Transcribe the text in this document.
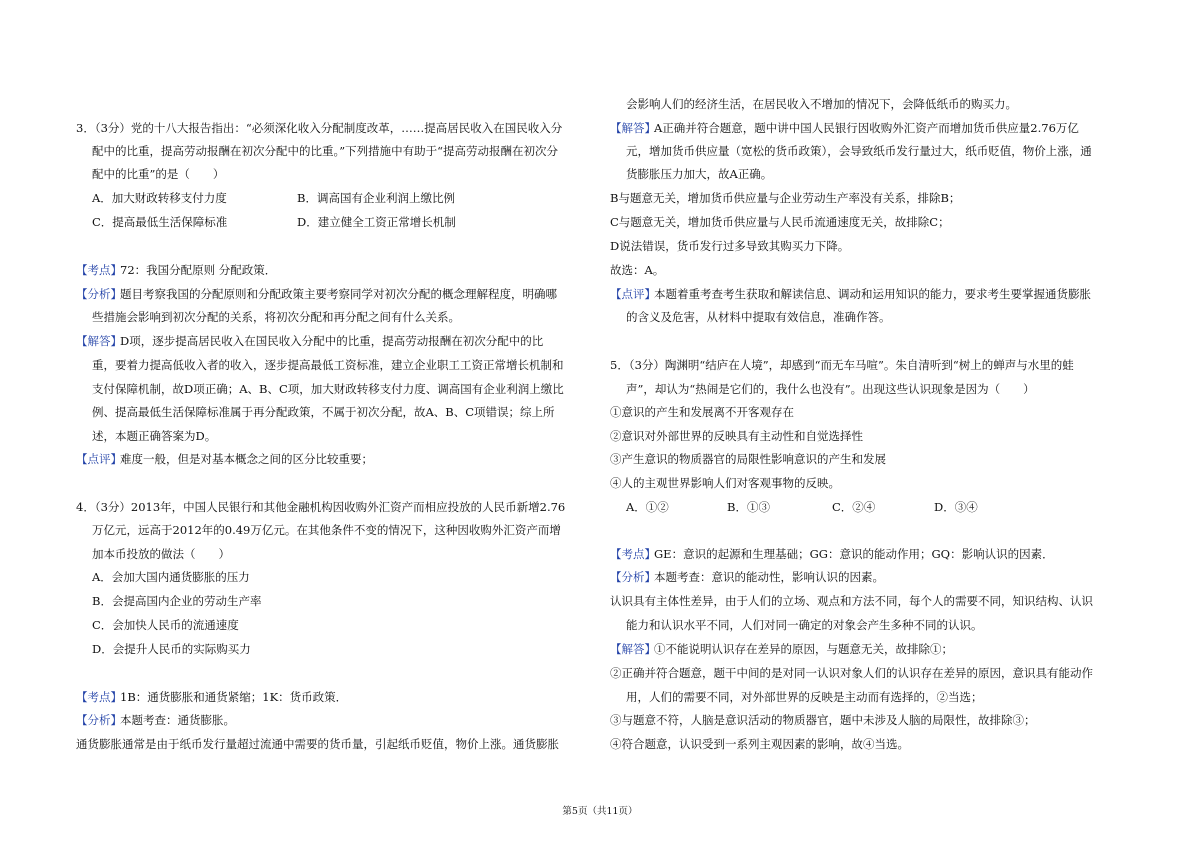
3．（3分）党的十八大报告指出：“必须深化收入分配制度改革，……提高居民收入在国民收入分
配中的比重，提高劳动报酬在初次分配中的比重。”下列措施中有助于“提高劳动报酬在初次分
配中的比重”的是（　　）
A．加大财政转移支付力度	B．调高国有企业利润上缴比例
C．提高最低生活保障标准	D．建立健全工资正常增长机制
【考点】
72：我国分配原则 分配政策．
【分析】
题目考察我国的分配原则和分配政策主要考察同学对初次分配的概念理解程度，明确哪
些措施会影响到初次分配的关系，将初次分配和再分配之间有什么关系。
【解答】
D项，逐步提高居民收入在国民收入分配中的比重，提高劳动报酬在初次分配中的比
重，要着力提高低收入者的收入，逐步提高最低工资标准，建立企业职工工资正常增长机制和
支付保障机制，故D项正确；A、B、C项，加大财政转移支付力度、调高国有企业利润上缴比
例、提高最低生活保障标准属于再分配政策，不属于初次分配，故A、B、C项错误；综上所
述，本题正确答案为D。
【点评】
难度一般，但是对基本概念之间的区分比较重要；
4．（3分）2013年，中国人民银行和其他金融机构因收购外汇资产而相应投放的人民币新增2.76
万亿元，远高于2012年的0.49万亿元。在其他条件不变的情况下，这种因收购外汇资产而增
加本币投放的做法（　　）
A．会加大国内通货膨胀的压力
B．会提高国内企业的劳动生产率
C．会加快人民币的流通速度
D．会提升人民币的实际购买力
【考点】
1B：通货膨胀和通货紧缩；1K：货币政策．
【分析】
本题考查：通货膨胀。
通货膨胀通常是由于纸币发行量超过流通中需要的货币量，引起纸币贬值，物价上涨。通货膨胀
会影响人们的经济生活，在居民收入不增加的情况下，会降低纸币的购买力。
【解答】
A正确并符合题意，题中讲中国人民银行因收购外汇资产而增加货币供应量2.76万亿
元，增加货币供应量（宽松的货币政策），会导致纸币发行量过大，纸币贬值，物价上涨，通
货膨胀压力加大，故A正确。
B与题意无关，增加货币供应量与企业劳动生产率没有关系，排除B；
C与题意无关，增加货币供应量与人民币流通速度无关，故排除C；
D说法错误，货币发行过多导致其购买力下降。
故选：A。
【点评】
本题着重考查考生获取和解读信息、调动和运用知识的能力，要求考生要掌握通货膨胀
的含义及危害，从材料中提取有效信息，准确作答。
5．（3分）陶渊明“结庐在人境”，却感到“而无车马喧”。朱自清听到“树上的蝉声与水里的蛙
声”，却认为“热闹是它们的，我什么也没有”。出现这些认识现象是因为（　　）
①意识的产生和发展离不开客观存在
②意识对外部世界的反映具有主动性和自觉选择性
③产生意识的物质器官的局限性影响意识的产生和发展
④人的主观世界影响人们对客观事物的反映。
A．①②	B．①③	C．②④	D．③④
【考点】
GE：意识的起源和生理基础；GG：意识的能动作用；GQ：影响认识的因素．
【分析】
本题考查：意识的能动性，影响认识的因素。
认识具有主体性差异，由于人们的立场、观点和方法不同，每个人的需要不同，知识结构、认识
能力和认识水平不同，人们对同一确定的对象会产生多种不同的认识。
【解答】
①不能说明认识存在差异的原因，与题意无关，故排除①；
②正确并符合题意，题干中间的是对同一认识对象人们的认识存在差异的原因，意识具有能动作
用，人们的需要不同，对外部世界的反映是主动而有选择的，②当选；
③与题意不符，人脑是意识活动的物质器官，题中未涉及人脑的局限性，故排除③；
④符合题意，认识受到一系列主观因素的影响，故④当选。
第5页（共11页）
